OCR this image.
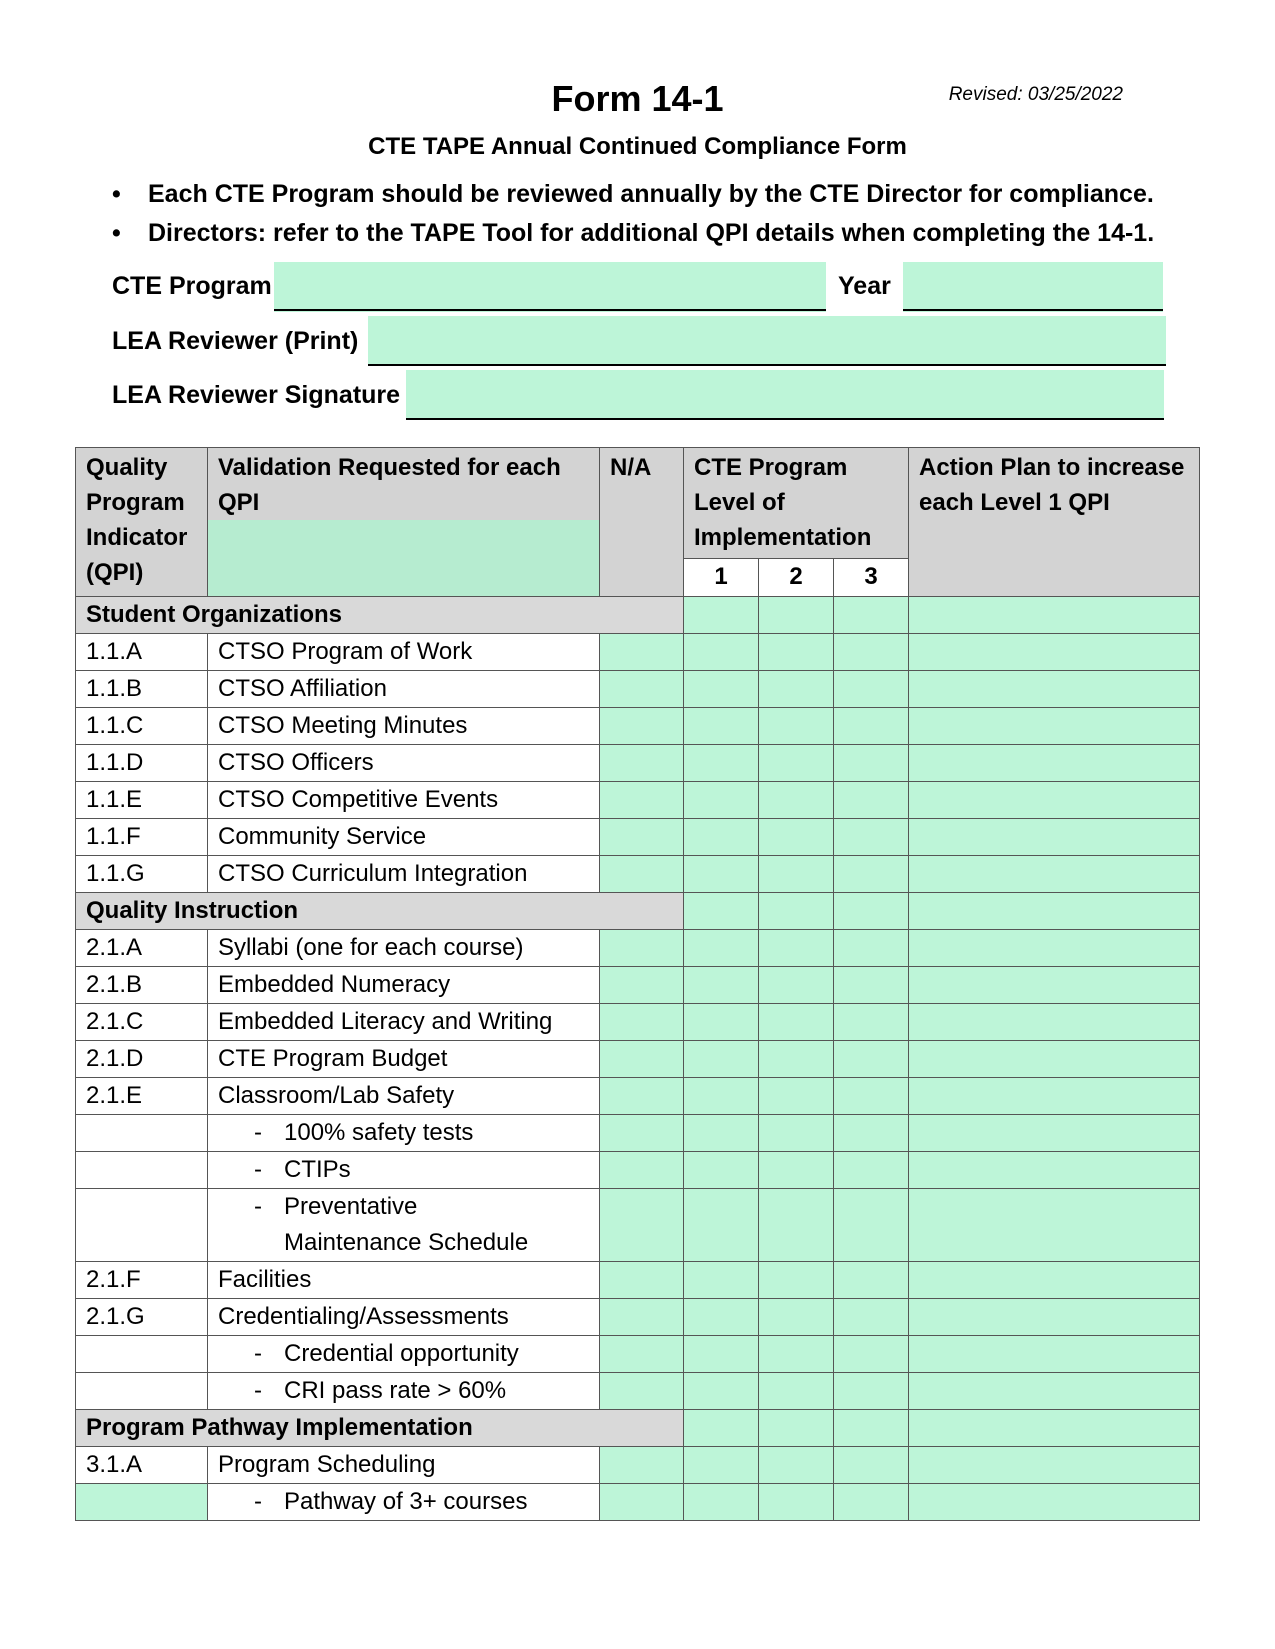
Form 14-1	Revised: 03/25/2022
CTE TAPE Annual Continued Compliance Form
• Each CTE Program should be reviewed annually by the CTE Director for compliance.
• Directors: refer to the TAPE Tool for additional QPI details when completing the 14-1.
CTE Program	Year
LEA Reviewer (Print)
LEA Reviewer Signature
Quality Program Indicator (QPI)	Validation Requested for each QPI	N/A	CTE Program Level of Implementation			Action Plan to increase each Level 1 QPI
			1	2	3	
Student Organizations						
1.1.A	CTSO Program of Work					
1.1.B	CTSO Affiliation					
1.1.C	CTSO Meeting Minutes					
1.1.D	CTSO Officers					
1.1.E	CTSO Competitive Events					
1.1.F	Community Service					
1.1.G	CTSO Curriculum Integration					
Quality Instruction						
2.1.A	Syllabi (one for each course)					
2.1.B	Embedded Numeracy					
2.1.C	Embedded Literacy and Writing					
2.1.D	CTE Program Budget					
2.1.E	Classroom/Lab Safety					
	- 100% safety tests					
	- CTIPs					
	- Preventative Maintenance Schedule					
2.1.F	Facilities					
2.1.G	Credentialing/Assessments					
	- Credential opportunity					
	- CRI pass rate > 60%					
Program Pathway Implementation						
3.1.A	Program Scheduling					
	- Pathway of 3+ courses					
